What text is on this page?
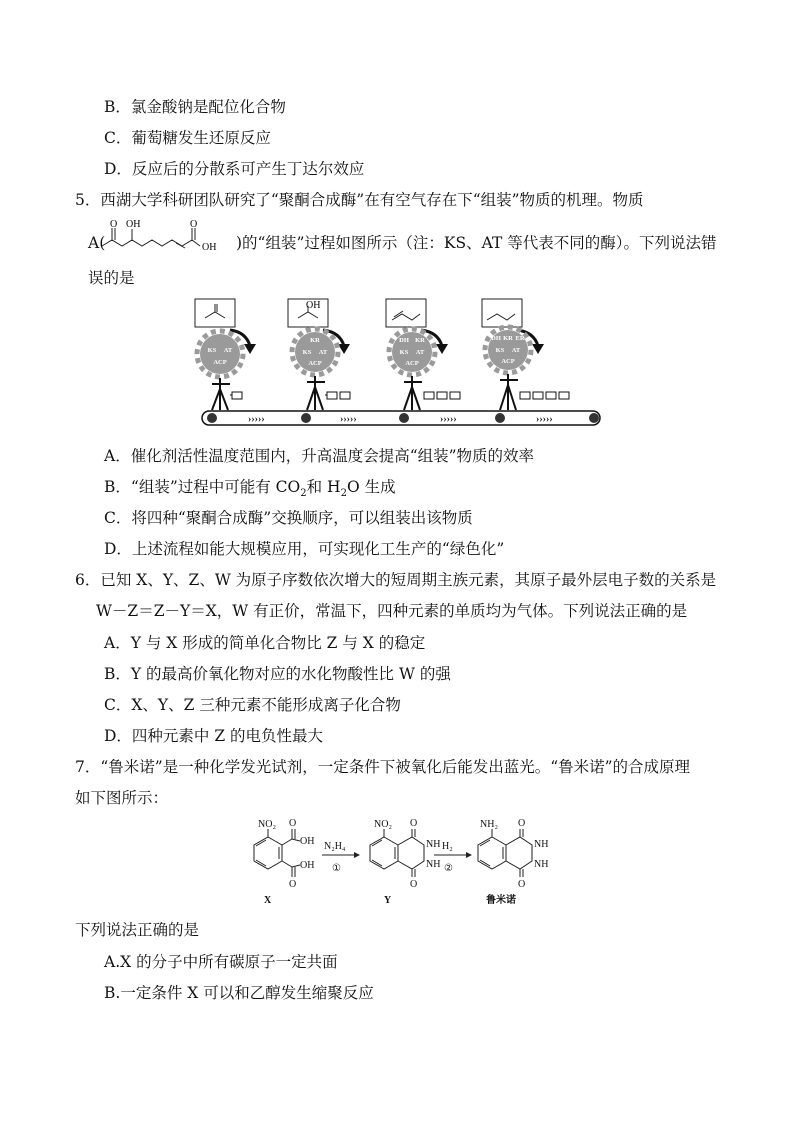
B．氯金酸钠是配位化合物
C．葡萄糖发生还原反应
D．反应后的分散系可产生丁达尔效应
5．西湖大学科研团队研究了“聚酮合成酶”在有空气存在下“组装”物质的机理。物质
A(
O OH	O
OH )的“组装”过程如图所示（注：KS、AT 等代表不同的酶）。下列说法错
误的是
OH
KS AT
ACP
KR
KS AT
ACP
DH KR
KS AT
ACP
DH KR ER
KS AT
ACP
›››››	›››››	›››››	›››››
A．催化剂活性温度范围内，升高温度会提高“组装”物质的效率
B．“组装”过程中可能有 $CO_2$和 $H_2O$ 生成
C．将四种“聚酮合成酶”交换顺序，可以组装出该物质
D．上述流程如能大规模应用，可实现化工生产的“绿色化”
6．已知 X、Y、Z、W 为原子序数依次增大的短周期主族元素，其原子最外层电子数的关系是
W－Z＝Z－Y＝X，W 有正价，常温下，四种元素的单质均为气体。下列说法正确的是
A．Y 与 X 形成的简单化合物比 Z 与 X 的稳定
B．Y 的最高价氧化物对应的水化物酸性比 W 的强
C．X、Y、Z 三种元素不能形成离子化合物
D．四种元素中 Z 的电负性最大
7．“鲁米诺”是一种化学发光试剂，一定条件下被氧化后能发出蓝光。“鲁米诺”的合成原理
如下图所示：
NO₂ O
OH
OH
O
X
N₂H₄
①
NO₂ O
NH
NH
O
Y
H₂
②
NH₂ O
NH
NH
O
鲁米诺
下列说法正确的是
A.X 的分子中所有碳原子一定共面
B.一定条件 X 可以和乙醇发生缩聚反应
